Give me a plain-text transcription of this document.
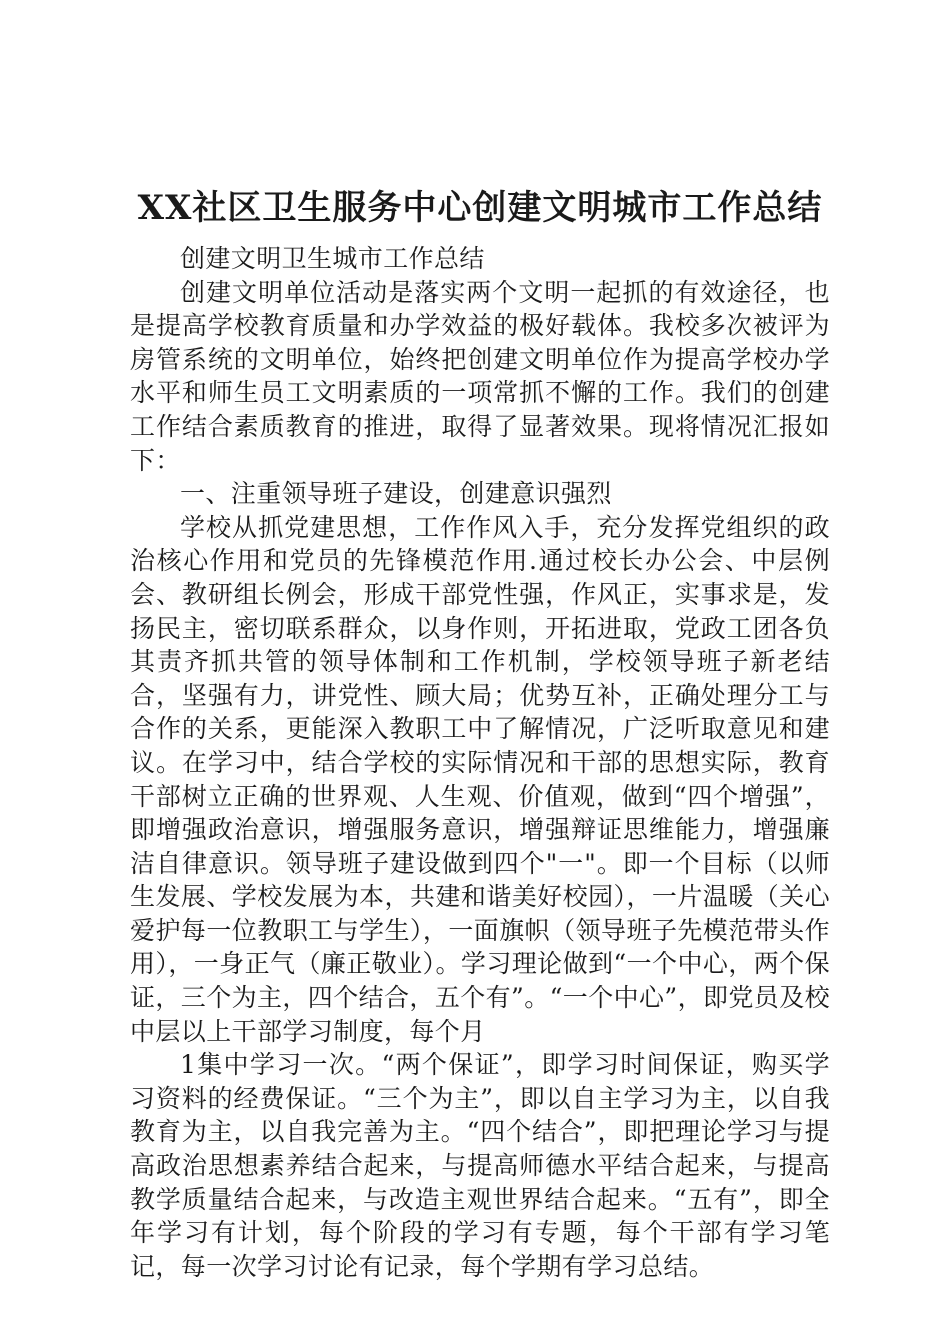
XX社区卫生服务中心创建文明城市工作总结

创建文明卫生城市工作总结

创建文明单位活动是落实两个文明一起抓的有效途径，也是提高学校教育质量和办学效益的极好载体。我校多次被评为房管系统的文明单位，始终把创建文明单位作为提高学校办学水平和师生员工文明素质的一项常抓不懈的工作。我们的创建工作结合素质教育的推进，取得了显著效果。现将情况汇报如下：

一、注重领导班子建设，创建意识强烈

学校从抓党建思想，工作作风入手，充分发挥党组织的政治核心作用和党员的先锋模范作用.通过校长办公会、中层例会、教研组长例会，形成干部党性强，作风正，实事求是，发扬民主，密切联系群众，以身作则，开拓进取，党政工团各负其责齐抓共管的领导体制和工作机制，学校领导班子新老结合，坚强有力，讲党性、顾大局；优势互补，正确处理分工与合作的关系，更能深入教职工中了解情况，广泛听取意见和建议。在学习中，结合学校的实际情况和干部的思想实际，教育干部树立正确的世界观、人生观、价值观，做到“四个增强”，即增强政治意识，增强服务意识，增强辩证思维能力，增强廉洁自律意识。领导班子建设做到四个"一"。即一个目标（以师生发展、学校发展为本，共建和谐美好校园），一片温暖（关心爱护每一位教职工与学生），一面旗帜（领导班子先模范带头作用），一身正气（廉正敬业）。学习理论做到“一个中心，两个保证，三个为主，四个结合，五个有”。“一个中心”，即党员及校中层以上干部学习制度，每个月

1集中学习一次。“两个保证”，即学习时间保证，购买学习资料的经费保证。“三个为主”，即以自主学习为主，以自我教育为主，以自我完善为主。“四个结合”，即把理论学习与提高政治思想素养结合起来，与提高师德水平结合起来，与提高教学质量结合起来，与改造主观世界结合起来。“五有”，即全年学习有计划，每个阶段的学习有专题，每个干部有学习笔记，每一次学习讨论有记录，每个学期有学习总结。
